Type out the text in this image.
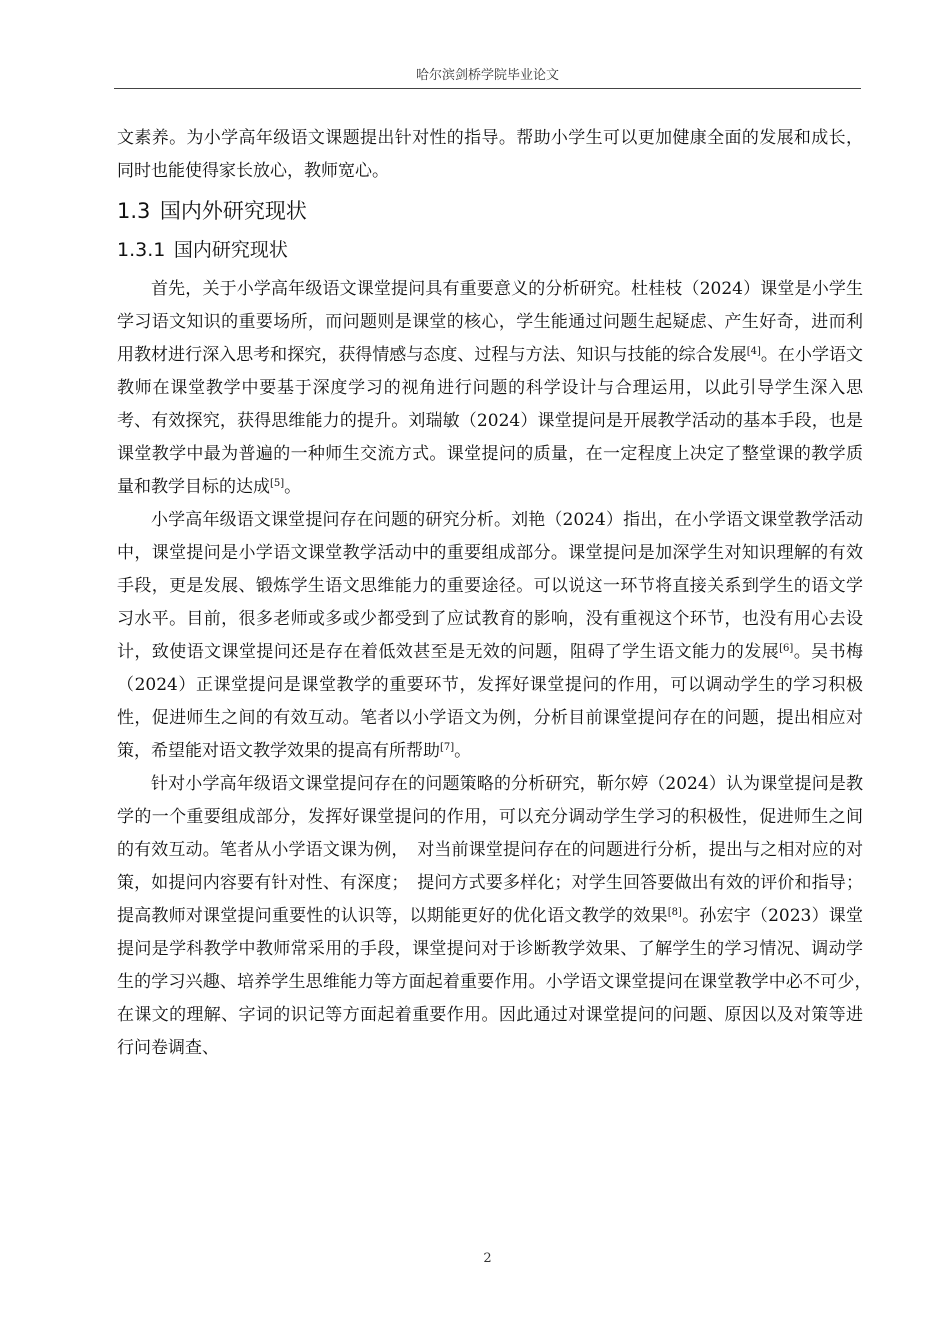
哈尔滨剑桥学院毕业论文

文素养。为小学高年级语文课题提出针对性的指导。帮助小学生可以更加健康全面的发展和成长，同时也能使得家长放心，教师宽心。

1.3 国内外研究现状
1.3.1 国内研究现状

首先，关于小学高年级语文课堂提问具有重要意义的分析研究。杜桂枝（2024）课堂是小学生学习语文知识的重要场所，而问题则是课堂的核心，学生能通过问题生起疑虑、产生好奇，进而利用教材进行深入思考和探究，获得情感与态度、过程与方法、知识与技能的综合发展[4]。在小学语文教师在课堂教学中要基于深度学习的视角进行问题的科学设计与合理运用，以此引导学生深入思考、有效探究，获得思维能力的提升。刘瑞敏（2024）课堂提问是开展教学活动的基本手段，也是课堂教学中最为普遍的一种师生交流方式。课堂提问的质量，在一定程度上决定了整堂课的教学质量和教学目标的达成[5]。

小学高年级语文课堂提问存在问题的研究分析。刘艳（2024）指出，在小学语文课堂教学活动中，课堂提问是小学语文课堂教学活动中的重要组成部分。课堂提问是加深学生对知识理解的有效手段，更是发展、锻炼学生语文思维能力的重要途径。可以说这一环节将直接关系到学生的语文学习水平。目前，很多老师或多或少都受到了应试教育的影响，没有重视这个环节，也没有用心去设计，致使语文课堂提问还是存在着低效甚至是无效的问题，阻碍了学生语文能力的发展[6]。吴书梅（2024）正课堂提问是课堂教学的重要环节，发挥好课堂提问的作用，可以调动学生的学习积极性，促进师生之间的有效互动。笔者以小学语文为例，分析目前课堂提问存在的问题，提出相应对策，希望能对语文教学效果的提高有所帮助[7]。

针对小学高年级语文课堂提问存在的问题策略的分析研究，靳尔婷（2024）认为课堂提问是教学的一个重要组成部分，发挥好课堂提问的作用，可以充分调动学生学习的积极性，促进师生之间的有效互动。笔者从小学语文课为例，　对当前课堂提问存在的问题进行分析，提出与之相对应的对策，如提问内容要有针对性、有深度；　提问方式要多样化；对学生回答要做出有效的评价和指导；提高教师对课堂提问重要性的认识等，以期能更好的优化语文教学的效果[8]。孙宏宇（2023）课堂提问是学科教学中教师常采用的手段，课堂提问对于诊断教学效果、了解学生的学习情况、调动学生的学习兴趣、培养学生思维能力等方面起着重要作用。小学语文课堂提问在课堂教学中必不可少，　在课文的理解、字词的识记等方面起着重要作用。因此通过对课堂提问的问题、原因以及对策等进行问卷调查、

2
